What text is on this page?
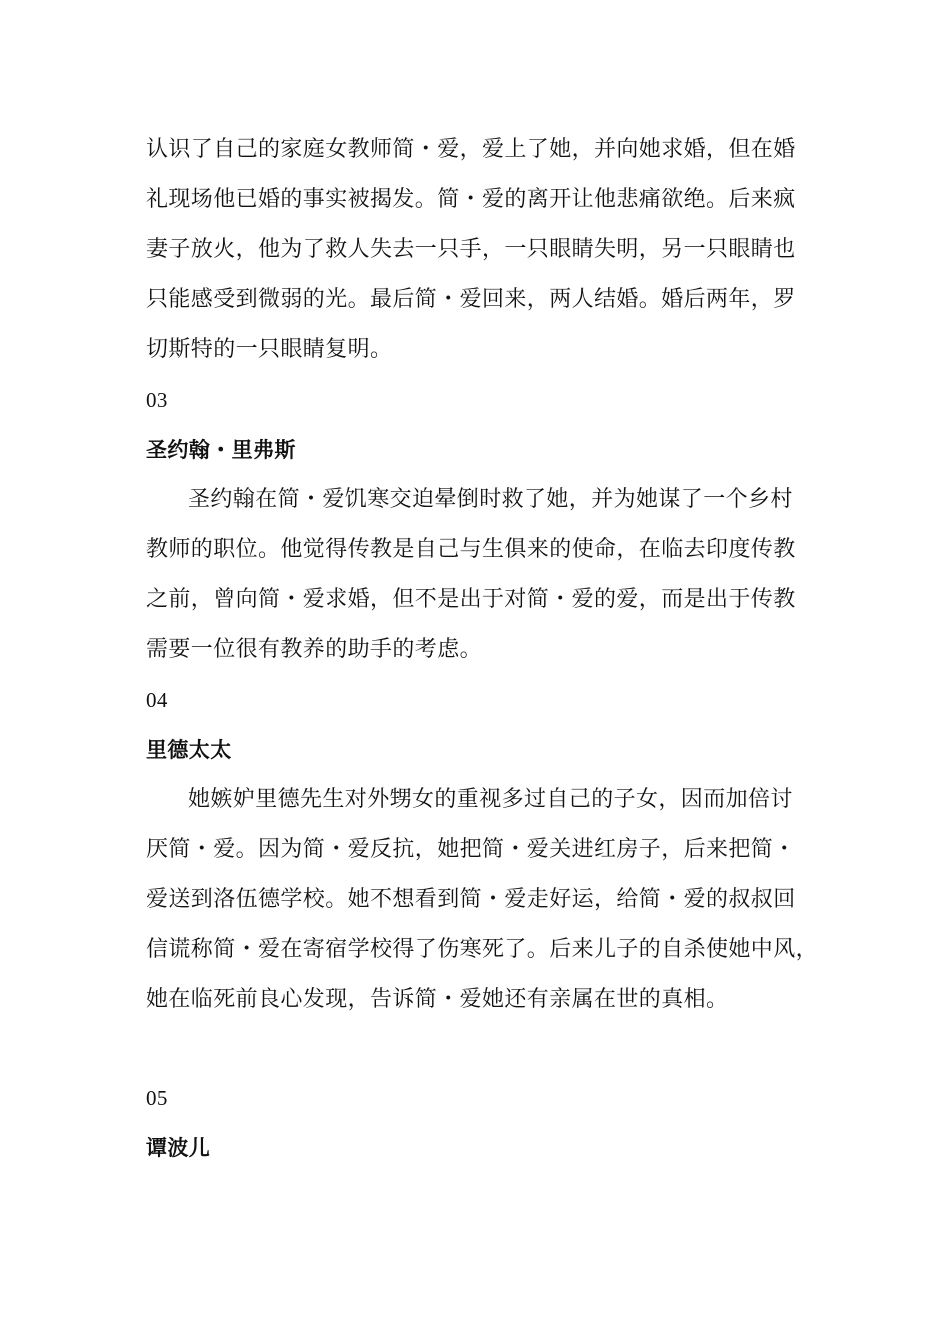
认识了自己的家庭女教师简・爱，爱上了她，并向她求婚，但在婚
礼现场他已婚的事实被揭发。简・爱的离开让他悲痛欲绝。后来疯
妻子放火，他为了救人失去一只手，一只眼睛失明，另一只眼睛也
只能感受到微弱的光。最后简・爱回来，两人结婚。婚后两年，罗
切斯特的一只眼睛复明。
03
圣约翰・里弗斯
圣约翰在简・爱饥寒交迫晕倒时救了她，并为她谋了一个乡村
教师的职位。他觉得传教是自己与生俱来的使命，在临去印度传教
之前，曾向简・爱求婚，但不是出于对简・爱的爱，而是出于传教
需要一位很有教养的助手的考虑。
04
里德太太
她嫉妒里德先生对外甥女的重视多过自己的子女，因而加倍讨
厌简・爱。因为简・爱反抗，她把简・爱关进红房子，后来把简・
爱送到洛伍德学校。她不想看到简・爱走好运，给简・爱的叔叔回
信谎称简・爱在寄宿学校得了伤寒死了。后来儿子的自杀使她中风，
她在临死前良心发现，告诉简・爱她还有亲属在世的真相。
05
谭波儿
